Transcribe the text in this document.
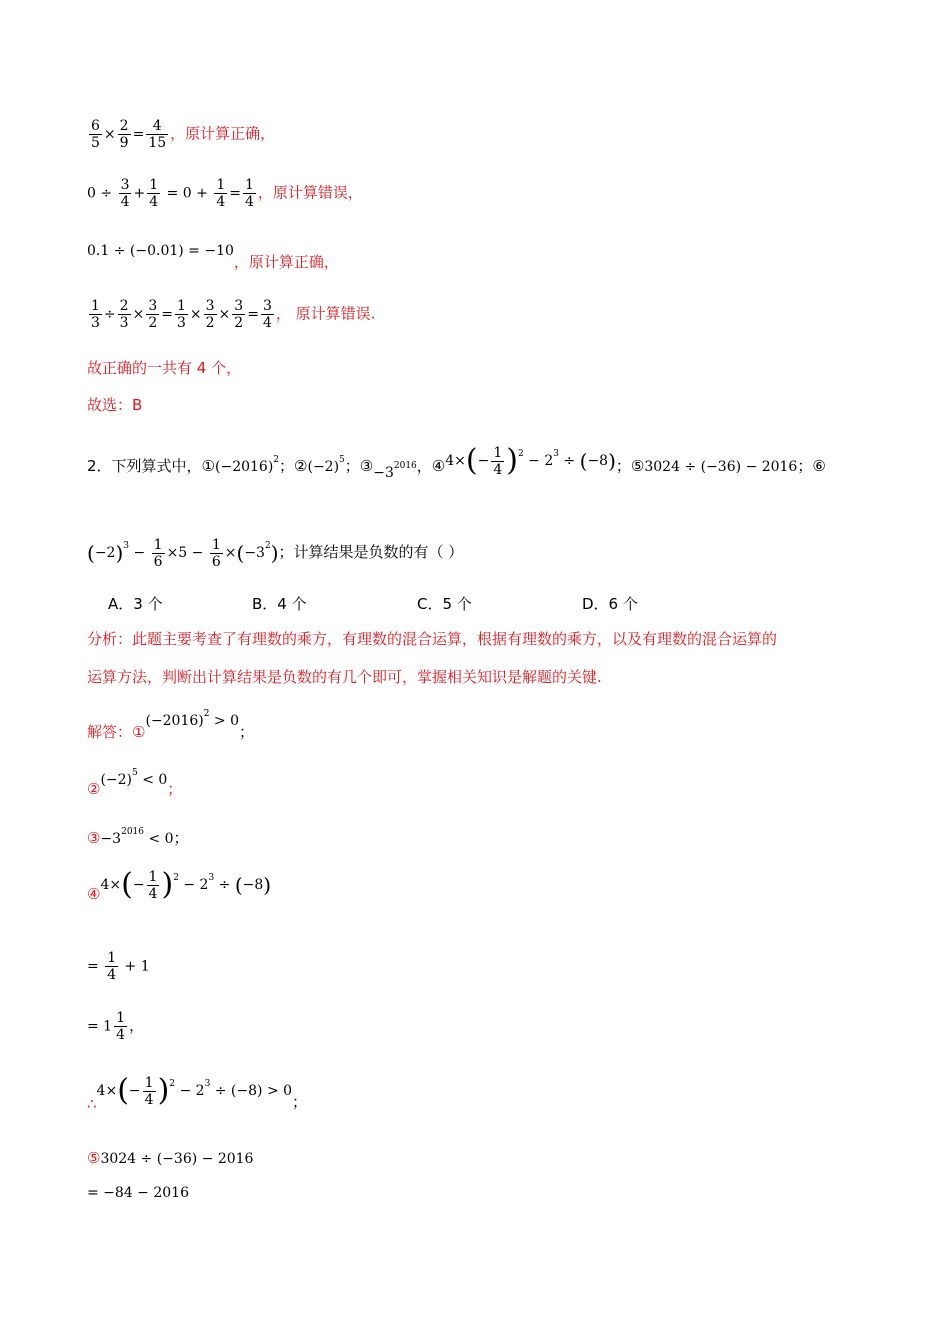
$\frac{6}{5} \times \frac{2}{9} = \frac{4}{15}$ ，原计算正确，
$0 \div \frac{3}{4} + \frac{1}{4} = 0 + \frac{1}{4} = \frac{1}{4}$ ，原计算错误，
0.1 ÷ (−0.01) = −10，原计算正确，
$\frac{1}{3} \div \frac{2}{3} \times \frac{3}{2} = \frac{1}{3} \times \frac{3}{2} \times \frac{3}{2} = \frac{3}{4}$ ， 原计算错误.
故正确的一共有 4 个，
故选：B
2．下列算式中，$①(-2016)^2$；$②(-2)^5$；$③-3^{2016}$，④4×(− $\frac{1}{4} )^2 - 2^3 \div (-8)$；⑤3024 ÷ (−36) − 2016；⑥
$(-2)^3 - \frac{1}{6} \times 5 - \frac{1}{6} \times(-3^2)$；计算结果是负数的有（ ）
A．3 个	B．4 个	C．5 个	D．6 个
分析：此题主要考查了有理数的乘方，有理数的混合运算，根据有理数的乘方，以及有理数的混合运算的
运算方法，判断出计算结果是负数的有几个即可，掌握相关知识是解题的关键.
解答：$①(-2016)^2 > 0$；
$②(-2)^5 < 0$；
$③-3^{2016} < 0$；
④4×(− $\frac{1}{4} )^2 - 2^3 \div (-8)$
= $\frac{1}{4} + 1$
= $1 \frac{1}{4}$ ，
∴4×(− $\frac{1}{4} )^2 - 2^3 \div (-8) > 0$；
⑤3024 ÷ (−36) − 2016
= −84 − 2016
